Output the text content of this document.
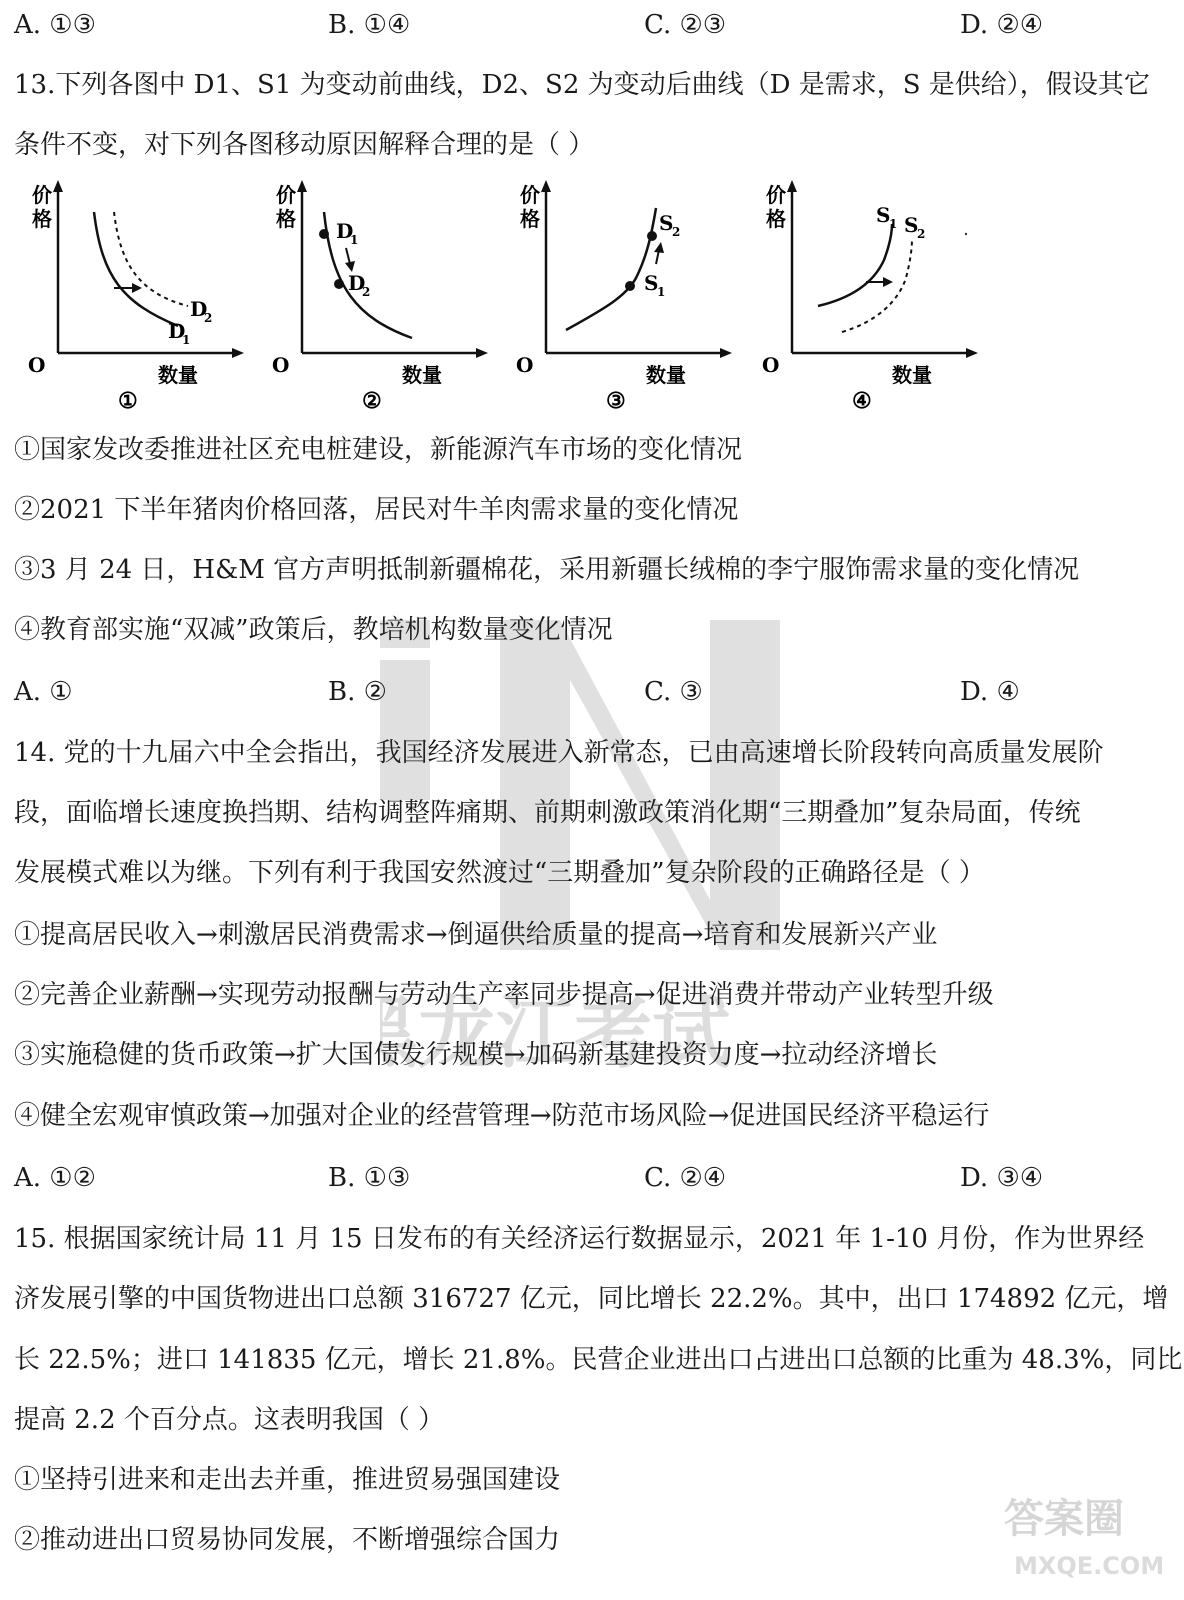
A. ①③	B. ①④	C. ②③	D. ②④
13.下列各图中 D1、S1 为变动前曲线，D2、S2 为变动后曲线（D 是需求，S 是供给），假设其它
条件不变，对下列各图移动原因解释合理的是（ ）
D
2
D
1
价
格
数量
O
①
D
1
D
2
价
格
数量
O
②
S
2
S
1
价
格
数量
O
③
S
1 S
2
价
格
数量
O
④
①国家发改委推进社区充电桩建设，新能源汽车市场的变化情况
②2021 下半年猪肉价格回落，居民对牛羊肉需求量的变化情况
③3 月 24 日，H&M 官方声明抵制新疆棉花，采用新疆长绒棉的李宁服饰需求量的变化情况
④教育部实施“双减”政策后，教培机构数量变化情况
A. ①	B. ②	C. ③	D. ④
14. 党的十九届六中全会指出，我国经济发展进入新常态，已由高速增长阶段转向高质量发展阶
段，面临增长速度换挡期、结构调整阵痛期、前期刺激政策消化期“三期叠加”复杂局面，传统
发展模式难以为继。下列有利于我国安然渡过“三期叠加”复杂阶段的正确路径是（ ）
①提高居民收入→刺激居民消费需求→倒逼供给质量的提高→培育和发展新兴产业
②完善企业薪酬→实现劳动报酬与劳动生产率同步提高→促进消费并带动产业转型升级
③实施稳健的货币政策→扩大国债发行规模→加码新基建投资力度→拉动经济增长
④健全宏观审慎政策→加强对企业的经营管理→防范市场风险→促进国民经济平稳运行
A. ①②	B. ①③	C. ②④	D. ③④
15. 根据国家统计局 11 月 15 日发布的有关经济运行数据显示，2021 年 1-10 月份，作为世界经
济发展引擎的中国货物进出口总额 316727 亿元，同比增长 22.2%。其中，出口 174892 亿元，增
长 22.5%；进口 141835 亿元，增长 21.8%。民营企业进出口占进出口总额的比重为 48.3%，同比
提高 2.2 个百分点。这表明我国（ ）
①坚持引进来和走出去并重，推进贸易强国建设
②推动进出口贸易协同发展，不断增强综合国力
龙江考试
答案圈
MXQE.COM
